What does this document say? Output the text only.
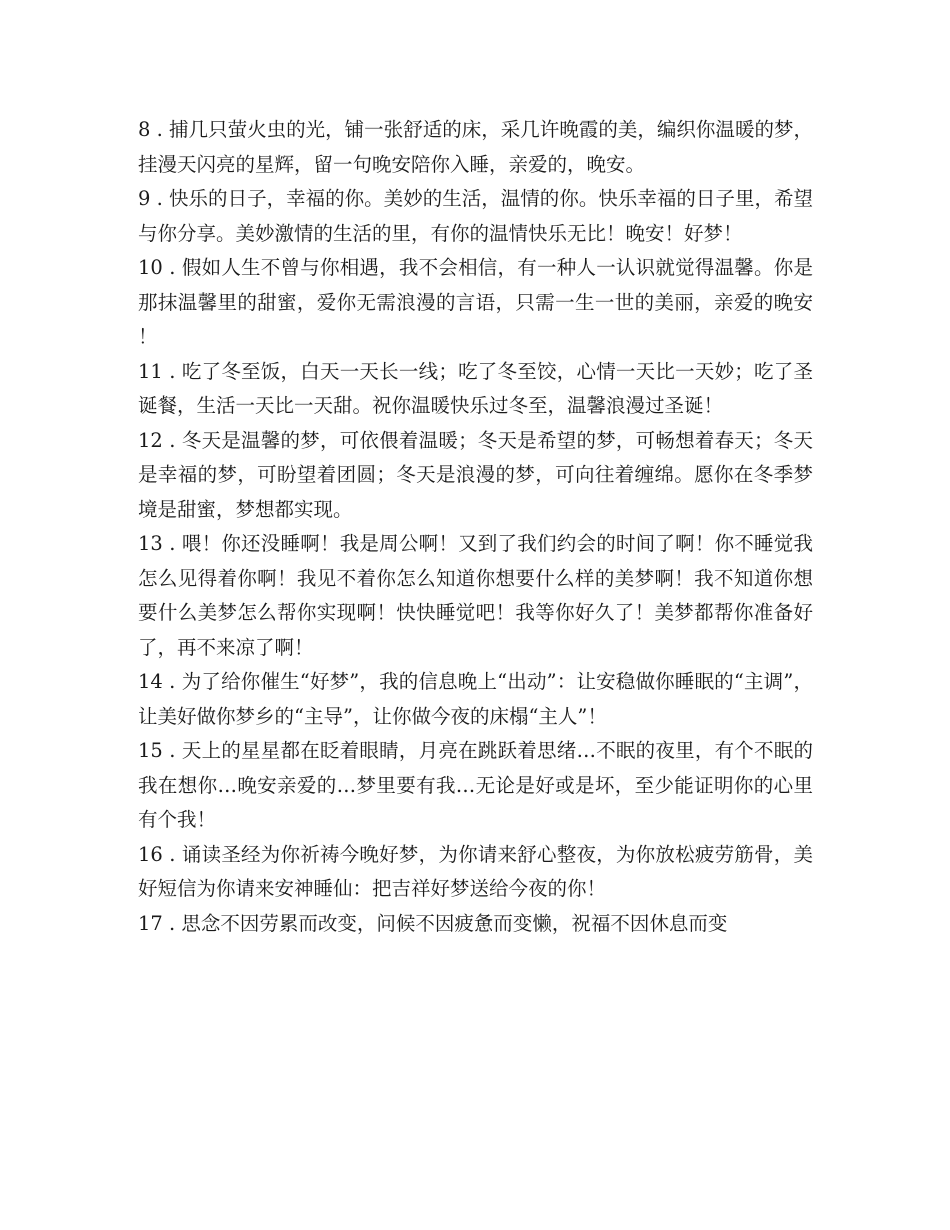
8 . 捕几只萤火虫的光，铺一张舒适的床，采几许晚霞的美，编织你温暖的梦，挂漫天闪亮的星辉，留一句晚安陪你入睡，亲爱的，晚安。

9 . 快乐的日子，幸福的你。美妙的生活，温情的你。快乐幸福的日子里，希望与你分享。美妙激情的生活的里，有你的温情快乐无比！晚安！好梦！

10 . 假如人生不曾与你相遇，我不会相信，有一种人一认识就觉得温馨。你是那抹温馨里的甜蜜，爱你无需浪漫的言语，只需一生一世的美丽，亲爱的晚安！

11 . 吃了冬至饭，白天一天长一线；吃了冬至饺，心情一天比一天妙；吃了圣诞餐，生活一天比一天甜。祝你温暖快乐过冬至，温馨浪漫过圣诞！

12 . 冬天是温馨的梦，可依偎着温暖；冬天是希望的梦，可畅想着春天；冬天是幸福的梦，可盼望着团圆；冬天是浪漫的梦，可向往着缠绵。愿你在冬季梦境是甜蜜，梦想都实现。

13 . 喂！你还没睡啊！我是周公啊！又到了我们约会的时间了啊！你不睡觉我怎么见得着你啊！我见不着你怎么知道你想要什么样的美梦啊！我不知道你想要什么美梦怎么帮你实现啊！快快睡觉吧！我等你好久了！美梦都帮你准备好了，再不来凉了啊！

14 . 为了给你催生“好梦”，我的信息晚上“出动”：让安稳做你睡眠的“主调”，让美好做你梦乡的“主导”，让你做今夜的床榻“主人”！

15 . 天上的星星都在眨着眼睛，月亮在跳跃着思绪…不眠的夜里，有个不眠的我在想你…晚安亲爱的…梦里要有我…无论是好或是坏，至少能证明你的心里有个我！

16 . 诵读圣经为你祈祷今晚好梦，为你请来舒心整夜，为你放松疲劳筋骨，美好短信为你请来安神睡仙：把吉祥好梦送给今夜的你！

17 . 思念不因劳累而改变，问候不因疲惫而变懒，祝福不因休息而变
